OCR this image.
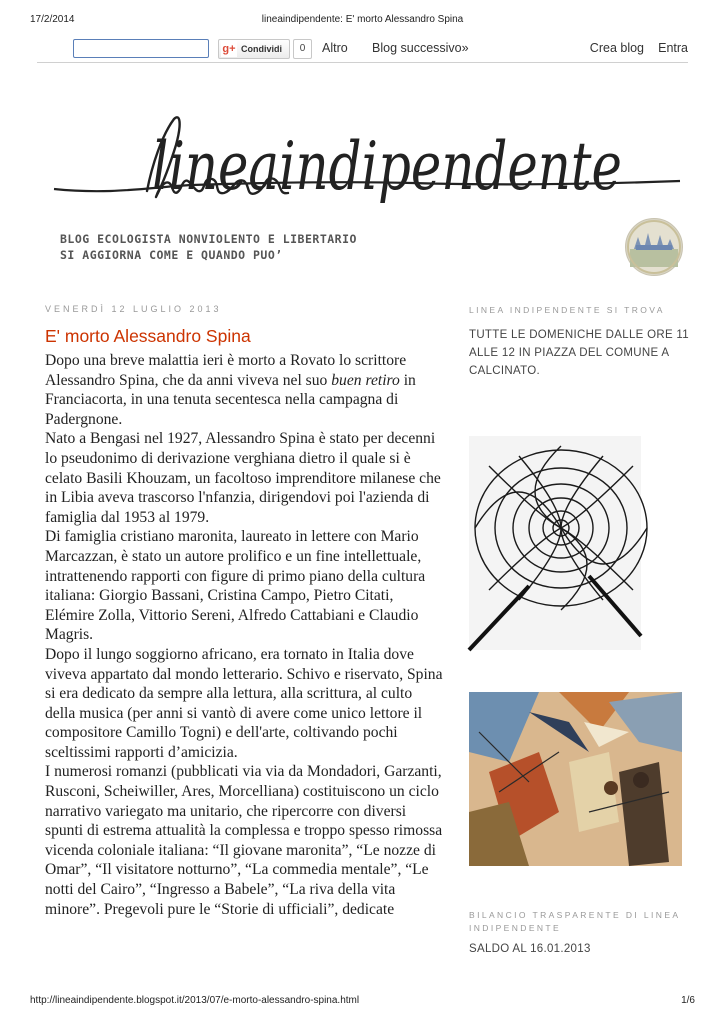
17/2/2014	lineaindipendente: E' morto Alessandro Spina
g+ Condividi	0	Altro Blog successivo»	Crea blog Entra
lineaindipendente
BLOG ECOLOGISTA NONVIOLENTO E LIBERTARIO
SI AGGIORNA COME E QUANDO PUO’
VENERDÌ 12 LUGLIO 2013
E' morto Alessandro Spina

Dopo una breve malattia ieri è morto a Rovato lo scrittore Alessandro Spina, che da anni viveva nel suo buen retiro in Franciacorta, in una tenuta secentesca nella campagna di Padergnone.

Nato a Bengasi nel 1927, Alessandro Spina è stato per decenni lo pseudonimo di derivazione verghiana dietro il quale si è celato Basili Khouzam, un facoltoso imprenditore milanese che in Libia aveva trascorso l'nfanzia, dirigendovi poi l'azienda di famiglia dal 1953 al 1979.

Di famiglia cristiano maronita, laureato in lettere con Mario Marcazzan, è stato un autore prolifico e un fine intellettuale, intrattenendo rapporti con figure di primo piano della cultura italiana: Giorgio Bassani, Cristina Campo, Pietro Citati, Elémire Zolla, Vittorio Sereni, Alfredo Cattabiani e Claudio Magris.

Dopo il lungo soggiorno africano, era tornato in Italia dove viveva appartato dal mondo letterario. Schivo e riservato, Spina si era dedicato da sempre alla lettura, alla scrittura, al culto della musica (per anni si vantò di avere come unico lettore il compositore Camillo Togni) e dell'arte, coltivando pochi sceltissimi rapporti d’amicizia.

I numerosi romanzi (pubblicati via via da Mondadori, Garzanti, Rusconi, Scheiwiller, Ares, Morcelliana) costituiscono un ciclo narrativo variegato ma unitario, che ripercorre con diversi spunti di estrema attualità la complessa e troppo spesso rimossa vicenda coloniale italiana: “Il giovane maronita”, “Le nozze di Omar”, “Il visitatore notturno”, “La commedia mentale”, “Le notti del Cairo”, “Ingresso a Babele”, “La riva della vita minore”. Pregevoli pure le “Storie di ufficiali”, dedicate

LINEA INDIPENDENTE SI TROVA
TUTTE LE DOMENICHE DALLE ORE 11 ALLE 12 IN PIAZZA DEL COMUNE A CALCINATO.
BILANCIO TRASPARENTE DI LINEA INDIPENDENTE
SALDO AL 16.01.2013
http://lineaindipendente.blogspot.it/2013/07/e-morto-alessandro-spina.html	1/6
